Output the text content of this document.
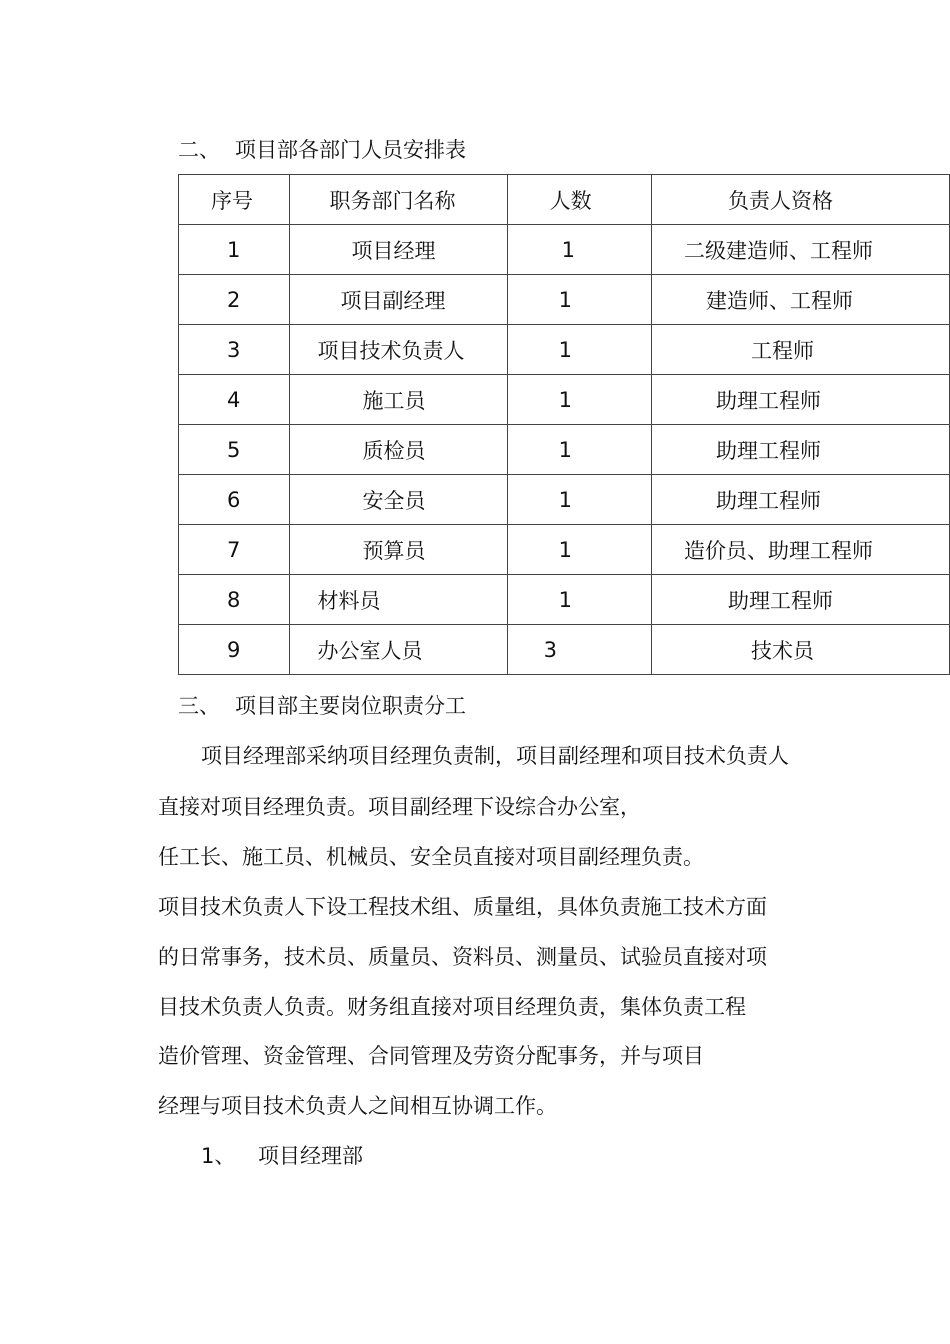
二、 项目部各部门人员安排表
序号	职务部门名称	人数	负责人资格
1	项目经理	1	二级建造师、工程师
2	项目副经理	1	建造师、工程师
3	项目技术负责人	1	工程师
4	施工员	1	助理工程师
5	质检员	1	助理工程师
6	安全员	1	助理工程师
7	预算员	1	造价员、助理工程师
8	材料员	1	助理工程师
9	办公室人员	3	技术员
三、 项目部主要岗位职责分工
项目经理部采纳项目经理负责制，项目副经理和项目技术负责人
直接对项目经理负责。项目副经理下设综合办公室，
任工长、施工员、机械员、安全员直接对项目副经理负责。
项目技术负责人下设工程技术组、质量组，具体负责施工技术方面
的日常事务，技术员、质量员、资料员、测量员、试验员直接对项
目技术负责人负责。财务组直接对项目经理负责，集体负责工程
造价管理、资金管理、合同管理及劳资分配事务，并与项目
经理与项目技术负责人之间相互协调工作。
1、 项目经理部
